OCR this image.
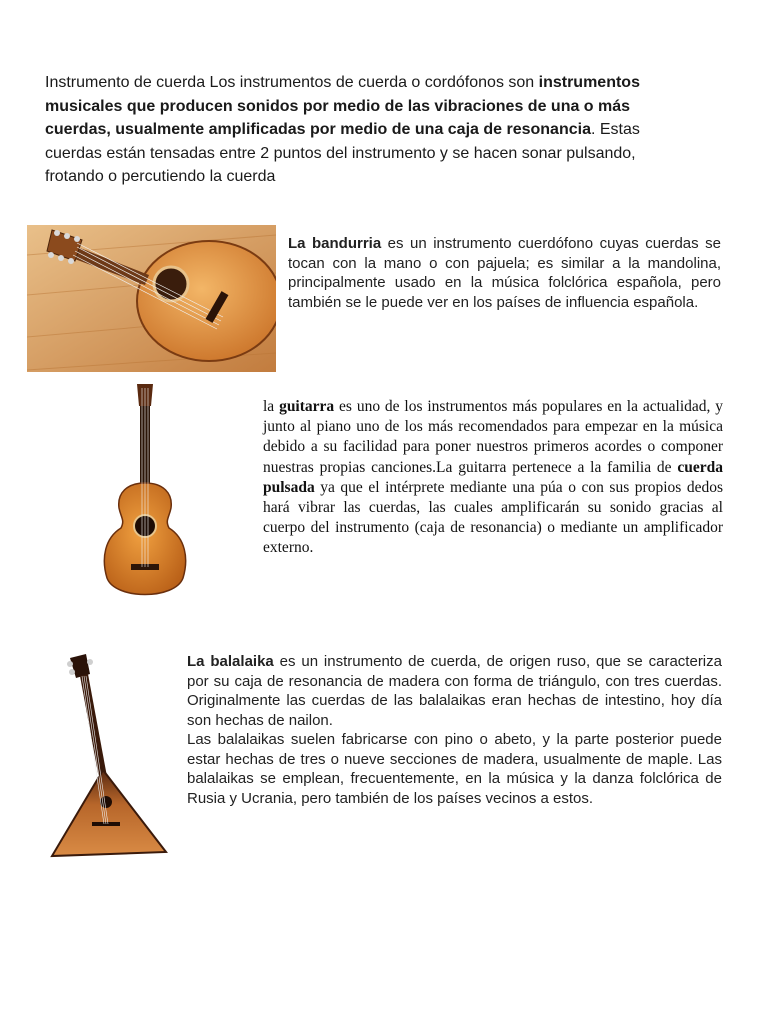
Instrumento de cuerda Los instrumentos de cuerda o cordófonos son instrumentos musicales que producen sonidos por medio de las vibraciones de una o más cuerdas, usualmente amplificadas por medio de una caja de resonancia. Estas cuerdas están tensadas entre 2 puntos del instrumento y se hacen sonar pulsando, frotando o percutiendo la cuerda
La bandurria es un instrumento cuerdófono cuyas cuerdas se tocan con la mano o con pajuela; es similar a la mandolina, principalmente usado en la música folclórica española, pero también se le puede ver en los países de influencia española.
la guitarra es uno de los instrumentos más populares en la actualidad, y junto al piano uno de los más recomendados para empezar en la música debido a su facilidad para poner nuestros primeros acordes o componer nuestras propias canciones.La guitarra pertenece a la familia de cuerda pulsada ya que el intérprete mediante una púa o con sus propios dedos hará vibrar las cuerdas, las cuales amplificarán su sonido gracias al cuerpo del instrumento (caja de resonancia) o mediante un amplificador externo.
La balalaika es un instrumento de cuerda, de origen ruso, que se caracteriza por su caja de resonancia de madera con forma de triángulo, con tres cuerdas. Originalmente las cuerdas de las balalaikas eran hechas de intestino, hoy día son hechas de nailon.

Las balalaikas suelen fabricarse con pino o abeto, y la parte posterior puede estar hechas de tres o nueve secciones de madera, usualmente de maple. Las balalaikas se emplean, frecuentemente, en la música y la danza folclórica de Rusia y Ucrania, pero también de los países vecinos a estos.
